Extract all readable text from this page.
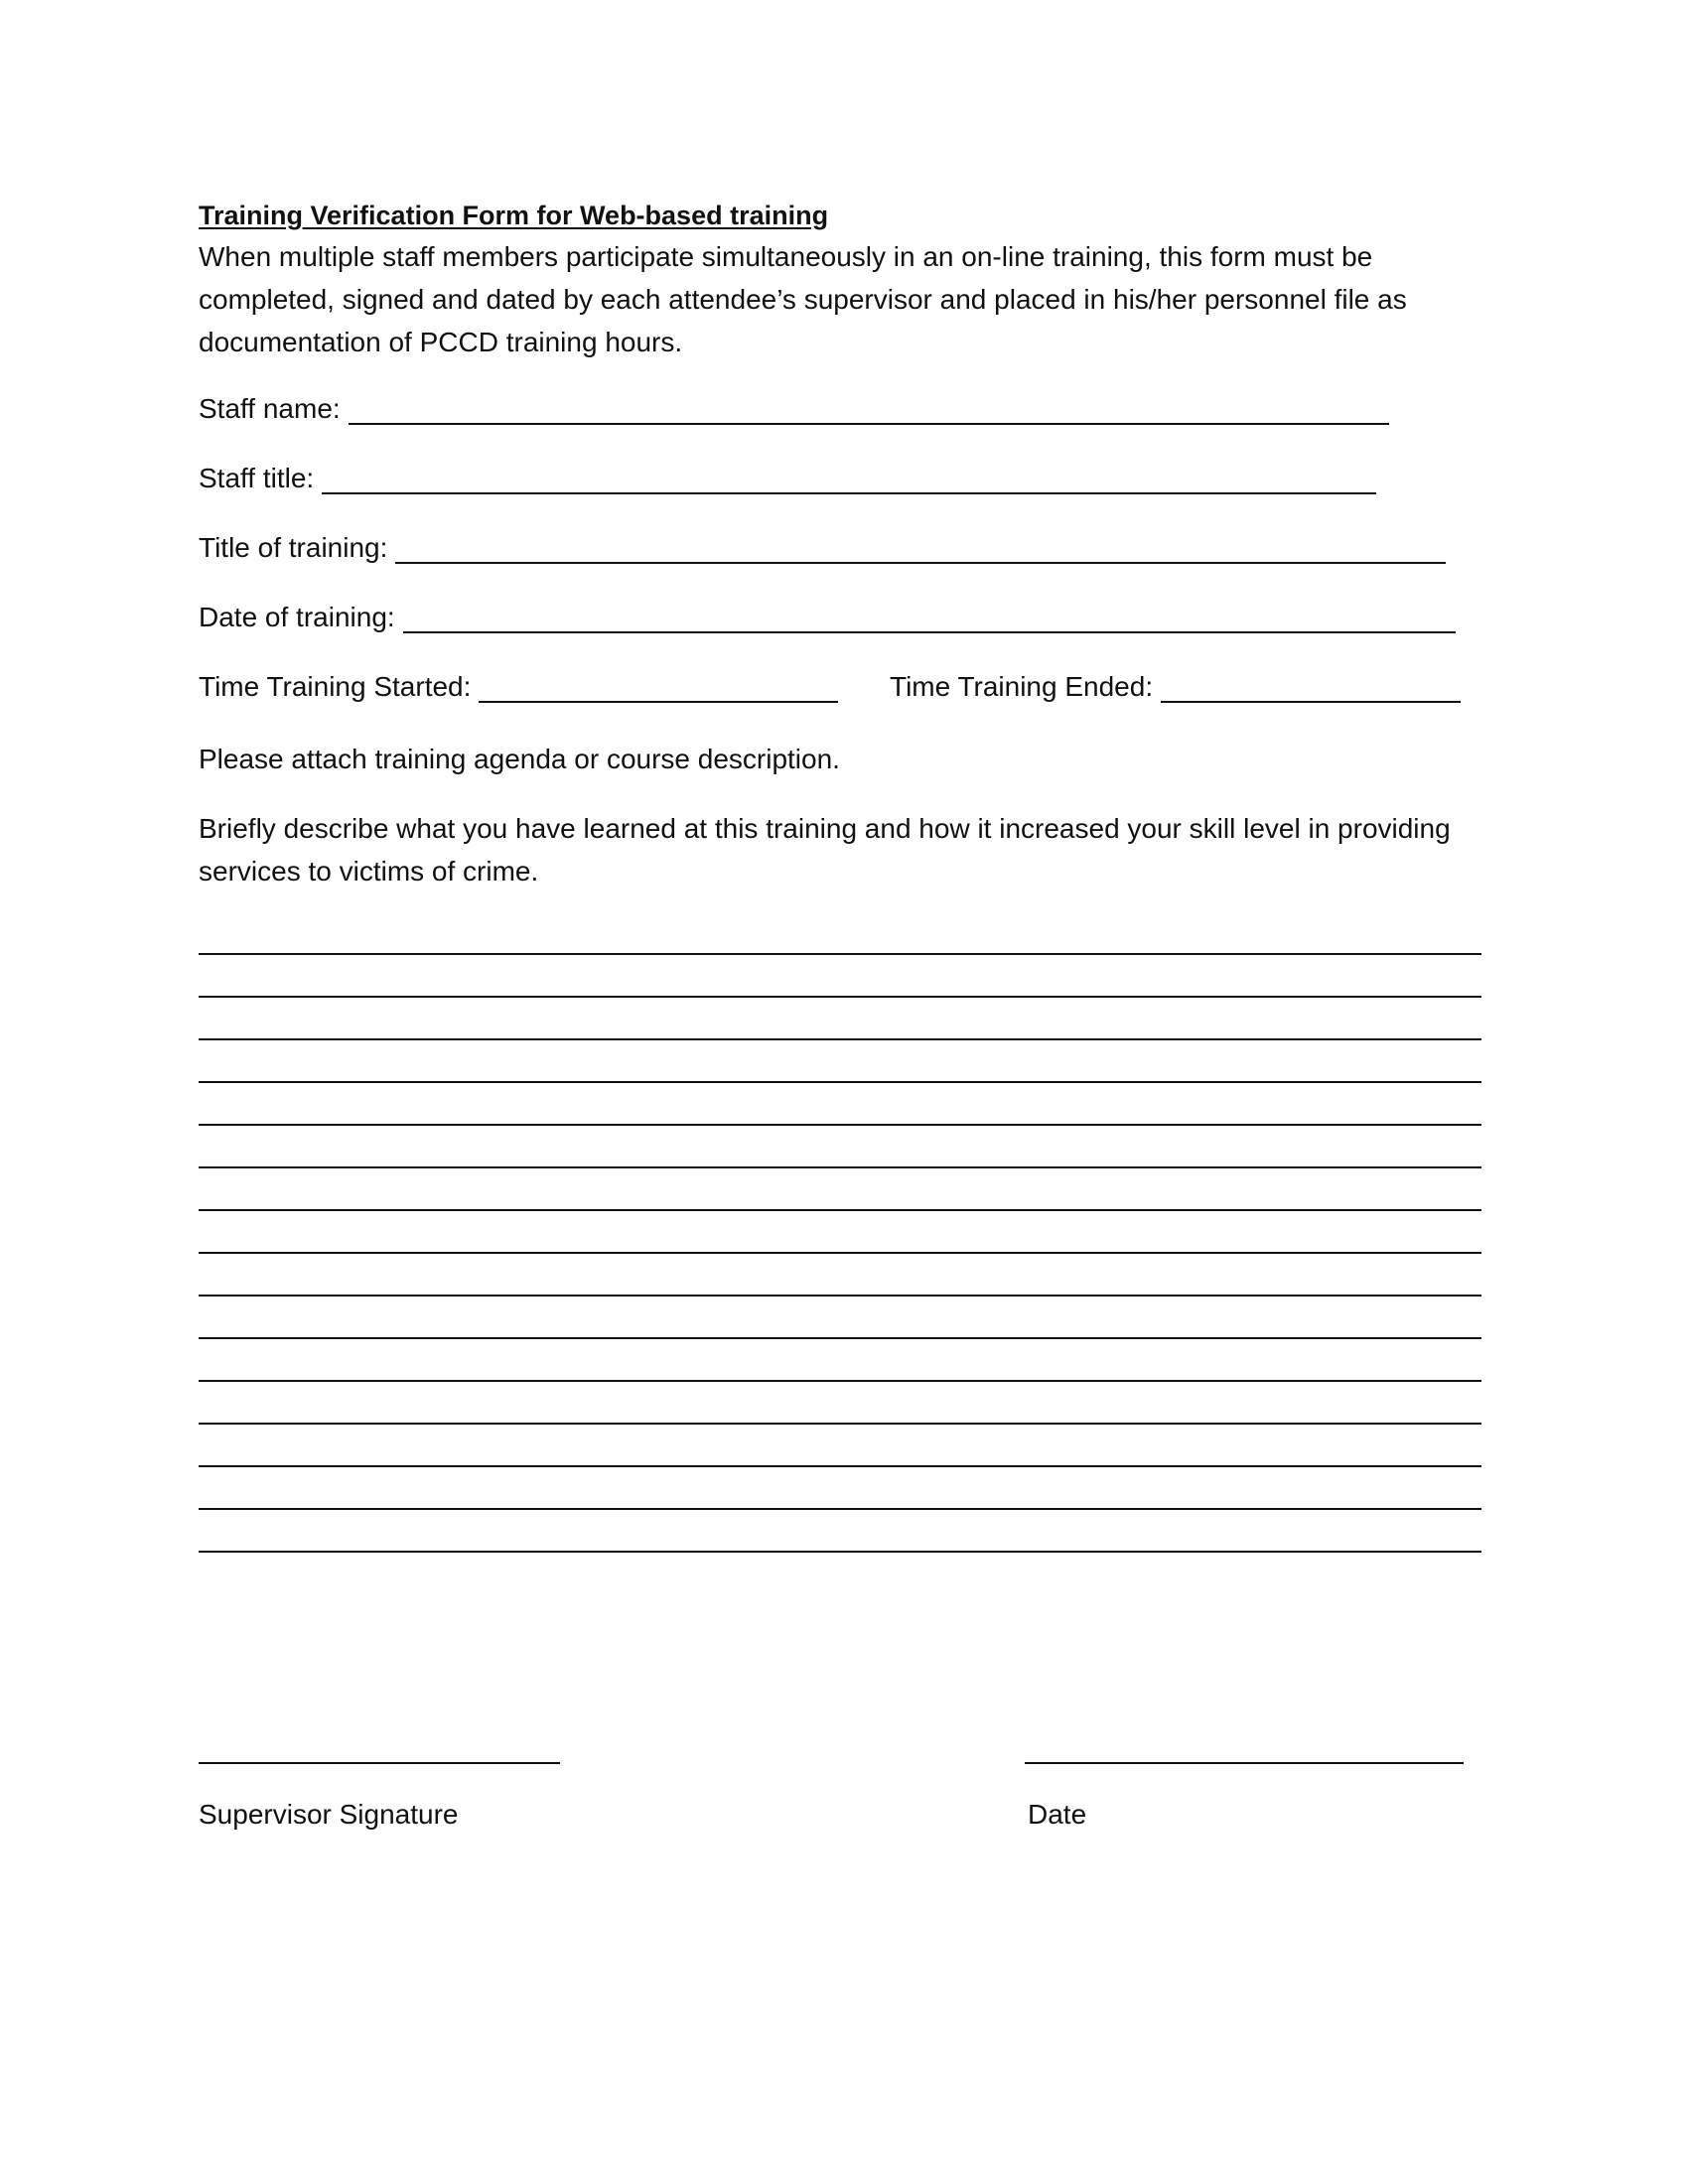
Training Verification Form for Web-based training

When multiple staff members participate simultaneously in an on-line training, this form must be completed, signed and dated by each attendee’s supervisor and placed in his/her personnel file as documentation of PCCD training hours.

Staff name:
Staff title:
Title of training:
Date of training:
Time Training Started:	Time Training Ended:

Please attach training agenda or course description.

Briefly describe what you have learned at this training and how it increased your skill level in providing services to victims of crime.

Supervisor Signature	Date
